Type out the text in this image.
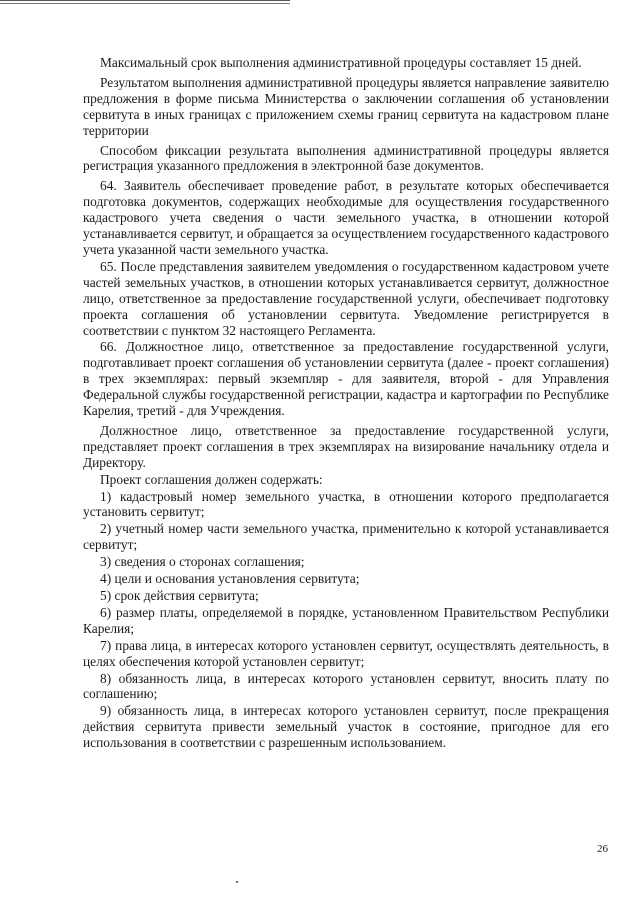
Максимальный срок выполнения административной процедуры составляет 15 дней.

Результатом выполнения административной процедуры является направление заявителю предложения в форме письма Министерства о заключении соглашения об установлении сервитута в иных границах с приложением схемы границ сервитута на кадастровом плане территории

Способом фиксации результата выполнения административной процедуры является регистрация указанного предложения в электронной базе документов.

64. Заявитель обеспечивает проведение работ, в результате которых обеспечивается подготовка документов, содержащих необходимые для осуществления государственного кадастрового учета сведения о части земельного участка, в отношении которой устанавливается сервитут, и обращается за осуществлением государственного кадастрового учета указанной части земельного участка.

65. После представления заявителем уведомления о государственном кадастровом учете частей земельных участков, в отношении которых устанавливается сервитут, должностное лицо, ответственное за предоставление государственной услуги, обеспечивает подготовку проекта соглашения об установлении сервитута. Уведомление регистрируется в соответствии с пунктом 32 настоящего Регламента.

66. Должностное лицо, ответственное за предоставление государственной услуги, подготавливает проект соглашения об установлении сервитута (далее - проект соглашения) в трех экземплярах: первый экземпляр - для заявителя, второй - для Управления Федеральной службы государственной регистрации, кадастра и картографии по Республике Карелия, третий - для Учреждения.

Должностное лицо, ответственное за предоставление государственной услуги, представляет проект соглашения в трех экземплярах на визирование начальнику отдела и Директору.

Проект соглашения должен содержать:

1) кадастровый номер земельного участка, в отношении которого предполагается установить сервитут;

2) учетный номер части земельного участка, применительно к которой устанавливается сервитут;

3) сведения о сторонах соглашения;

4) цели и основания установления сервитута;

5) срок действия сервитута;

6) размер платы, определяемой в порядке, установленном Правительством Республики Карелия;

7) права лица, в интересах которого установлен сервитут, осуществлять деятельность, в целях обеспечения которой установлен сервитут;

8) обязанность лица, в интересах которого установлен сервитут, вносить плату по соглашению;

9) обязанность лица, в интересах которого установлен сервитут, после прекращения действия сервитута привести земельный участок в состояние, пригодное для его использования в соответствии с разрешенным использованием.

26
